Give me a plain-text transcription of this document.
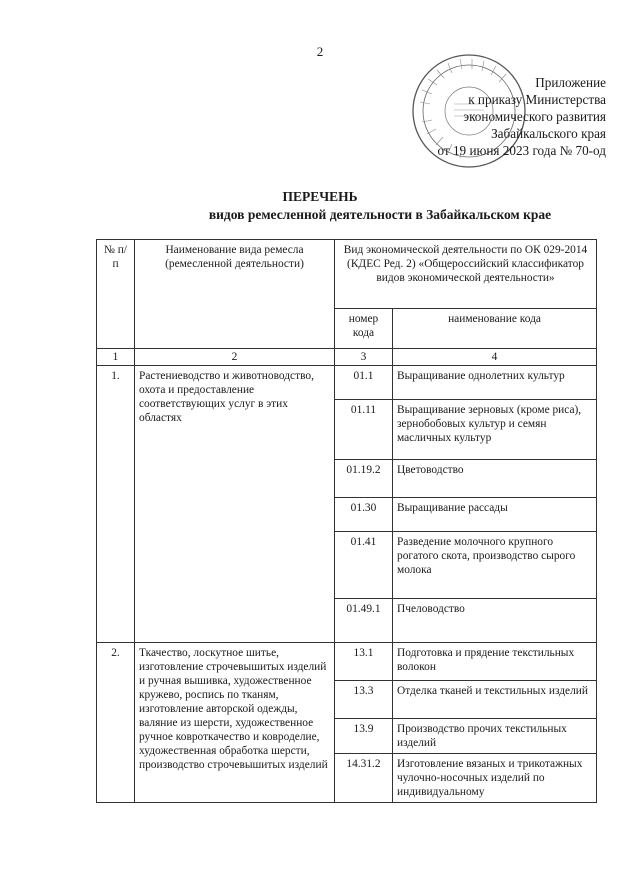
2
Приложение
к приказу Министерства
экономического развития
Забайкальского края
от 19 июня 2023 года № 70-од
ПЕРЕЧЕНЬ
видов ремесленной деятельности в Забайкальском крае
№ п/п	Наименование вида ремесла (ремесленной деятельности)	Вид экономической деятельности по ОК 029-2014 (КДЕС Ред. 2) «Общероссийский классификатор видов экономической деятельности»	
		номер кода	наименование кода
1	2	3	4
1.	Растениеводство и животноводство, охота и предоставление соответствующих услуг в этих областях	01.1	Выращивание однолетних культур
		01.11	Выращивание зерновых (кроме риса), зернобобовых культур и семян масличных культур
		01.19.2	Цветоводство
		01.30	Выращивание рассады
		01.41	Разведение молочного крупного рогатого скота, производство сырого молока
		01.49.1	Пчеловодство
2.	Ткачество, лоскутное шитье, изготовление строчевышитых изделий и ручная вышивка, художественное кружево, роспись по тканям, изготовление авторской одежды, валяние из шерсти, художественное ручное ковроткачество и ковроделие, художественная обработка шерсти, производство строчевышитых изделий	13.1	Подготовка и прядение текстильных волокон
		13.3	Отделка тканей и текстильных изделий
		13.9	Производство прочих текстильных изделий
		14.31.2	Изготовление вязаных и трикотажных чулочно-носочных изделий по индивидуальному
